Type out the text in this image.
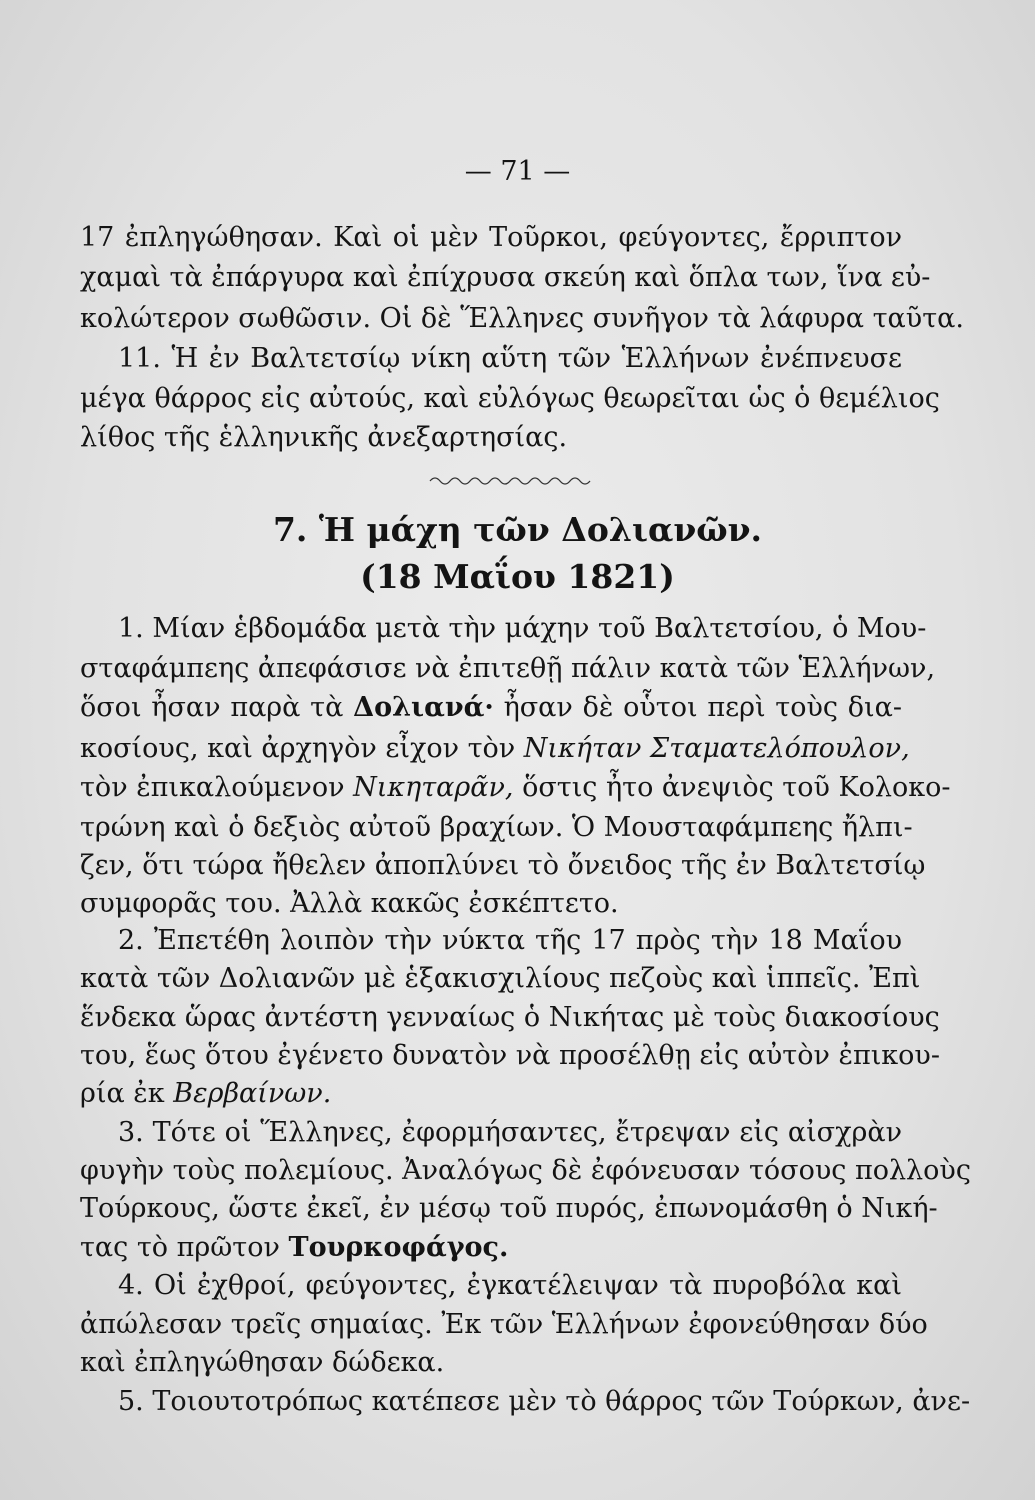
— 71 —
17 ἐπληγώθησαν. Καὶ οἱ μὲν Τοῦρκοι, φεύγοντες, ἔρριπτον
χαμαὶ τὰ ἐπάργυρα καὶ ἐπίχρυσα σκεύη καὶ ὅπλα των, ἵνα εὐ-
κολώτερον σωθῶσιν. Οἱ δὲ Ἕλληνες συνῆγον τὰ λάφυρα ταῦτα.
11. Ἡ ἐν Βαλτετσίῳ νίκη αὕτη τῶν Ἑλλήνων ἐνέπνευσε
μέγα θάρρος εἰς αὐτούς, καὶ εὐλόγως θεωρεῖται ὡς ὁ θεμέλιος
λίθος τῆς ἑλληνικῆς ἀνεξαρτησίας.
7. Ἡ μάχη τῶν Δολιανῶν.
(18 Μαΐου 1821)
1. Μίαν ἑβδομάδα μετὰ τὴν μάχην τοῦ Βαλτετσίου, ὁ Μου-
σταφάμπεης ἀπεφάσισε νὰ ἐπιτεθῇ πάλιν κατὰ τῶν Ἑλλήνων,
ὅσοι ἦσαν παρὰ τὰ Δολιανά· ἦσαν δὲ οὗτοι περὶ τοὺς δια-
κοσίους, καὶ ἀρχηγὸν εἶχον τὸν Νικήταν Σταματελόπουλον,
τὸν ἐπικαλούμενον Νικηταρᾶν, ὅστις ἦτο ἀνεψιὸς τοῦ Κολοκο-
τρώνη καὶ ὁ δεξιὸς αὐτοῦ βραχίων. Ὁ Μουσταφάμπεης ἤλπι-
ζεν, ὅτι τώρα ἤθελεν ἀποπλύνει τὸ ὄνειδος τῆς ἐν Βαλτετσίῳ
συμφορᾶς του. Ἀλλὰ κακῶς ἐσκέπτετο.
2. Ἐπετέθη λοιπὸν τὴν νύκτα τῆς 17 πρὸς τὴν 18 Μαΐου
κατὰ τῶν Δολιανῶν μὲ ἑξακισχιλίους πεζοὺς καὶ ἱππεῖς. Ἐπὶ
ἕνδεκα ὥρας ἀντέστη γενναίως ὁ Νικήτας μὲ τοὺς διακοσίους
του, ἕως ὅτου ἐγένετο δυνατὸν νὰ προσέλθῃ εἰς αὐτὸν ἐπικου-
ρία ἐκ Βερβαίνων.
3. Τότε οἱ Ἕλληνες, ἐφορμήσαντες, ἔτρεψαν εἰς αἰσχρὰν
φυγὴν τοὺς πολεμίους. Ἀναλόγως δὲ ἐφόνευσαν τόσους πολλοὺς
Τούρκους, ὥστε ἐκεῖ, ἐν μέσῳ τοῦ πυρός, ἐπωνομάσθη ὁ Νική-
τας τὸ πρῶτον Τουρκοφάγος.
4. Οἱ ἐχθροί, φεύγοντες, ἐγκατέλειψαν τὰ πυροβόλα καὶ
ἀπώλεσαν τρεῖς σημαίας. Ἐκ τῶν Ἑλλήνων ἐφονεύθησαν δύο
καὶ ἐπληγώθησαν δώδεκα.
5. Τοιουτοτρόπως κατέπεσε μὲν τὸ θάρρος τῶν Τούρκων, ἀνε-
